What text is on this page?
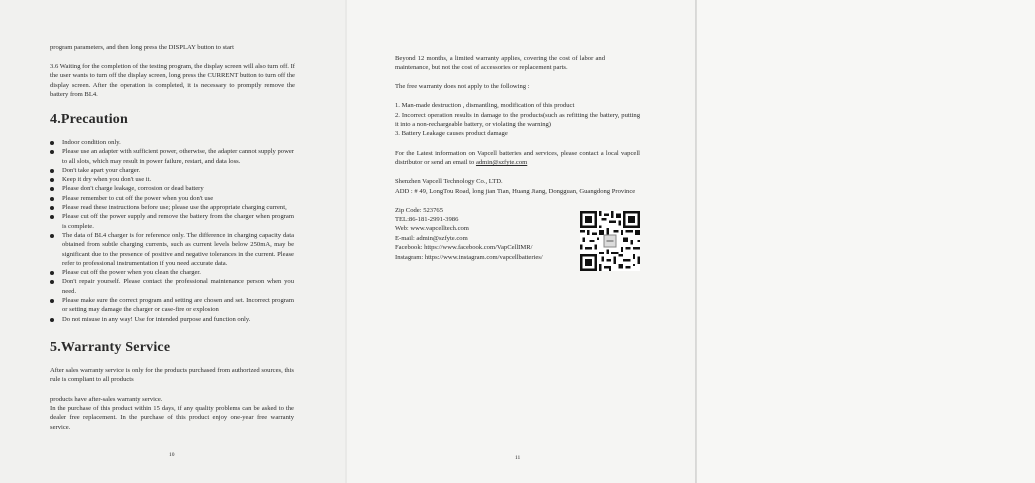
program parameters, and then long press the DISPLAY button to start
3.6 Waiting for the completion of the testing program, the display screen will also turn off. If the user wants to turn off the display screen, long press the CURRENT button to turn off the display screen. After the operation is completed, it is necessary to promptly remove the battery from BL4.
4.Precaution
Indoor condition only.
Please use an adapter with sufficient power, otherwise, the adapter cannot supply power to all slots, which may result in power failure, restart, and data loss.
Don't take apart your charger.
Keep it dry when you don't use it.
Please don't charge leakage, corrosion or dead battery
Please remember to cut off the power when you don't use
Please read these instructions before use; please use the appropriate charging current,
Please cut off the power supply and remove the battery from the charger when program is complete.
The data of BL4 charger is for reference only. The difference in charging capacity data obtained from subtle charging currents, such as current levels below 250mA, may be significant due to the presence of positive and negative tolerances in the current. Please refer to professional instrumentation if you need accurate data.
Please cut off the power when you clean the charger.
Don't repair yourself. Please contact the professional maintenance person when you need.
Please make sure the correct program and setting are chosen and set. Incorrect program or setting may damage the charger or case-fire or explosion
Do not misuse in any way! Use for intended purpose and function only.
5.Warranty Service
After sales warranty service is only for the products purchased from authorized sources, this rule is compliant to all products
products have after-sales warranty service.
In the purchase of this product within 15 days, if any quality problems can be asked to the dealer free replacement. In the purchase of this product enjoy one-year free warranty service.
10
Beyond 12 months, a limited warranty applies, covering the cost of labor and maintenance, but not the cost of accessories or replacement parts.
The free warranty does not apply to the following :
1. Man-made destruction , dismantling, modification of this product
2. Incorrect operation results in damage to the products(such as refitting the battery, putting it into a non-rechargeable battery, or violating the warning)
3. Battery Leakage causes product damage
For the Latest information on Vapcell batteries and services, please contact a local vapcell distributor or send an email to admin@szfyte.com
Shenzhen Vapcell Technology Co., LTD.
ADD : # 49, LongTou Road, long jian Tian, Huang Jiang, Dongguan, Guangdong Province
Zip Code: 523765
TEL:86-181-2991-3986
Web: www.vapcelltech.com
E-mail: admin@szfyte.com
Facebook: https://www.facebook.com/VapCellIMR/
Instagram: https://www.instagram.com/vapcellbatteries/
11
